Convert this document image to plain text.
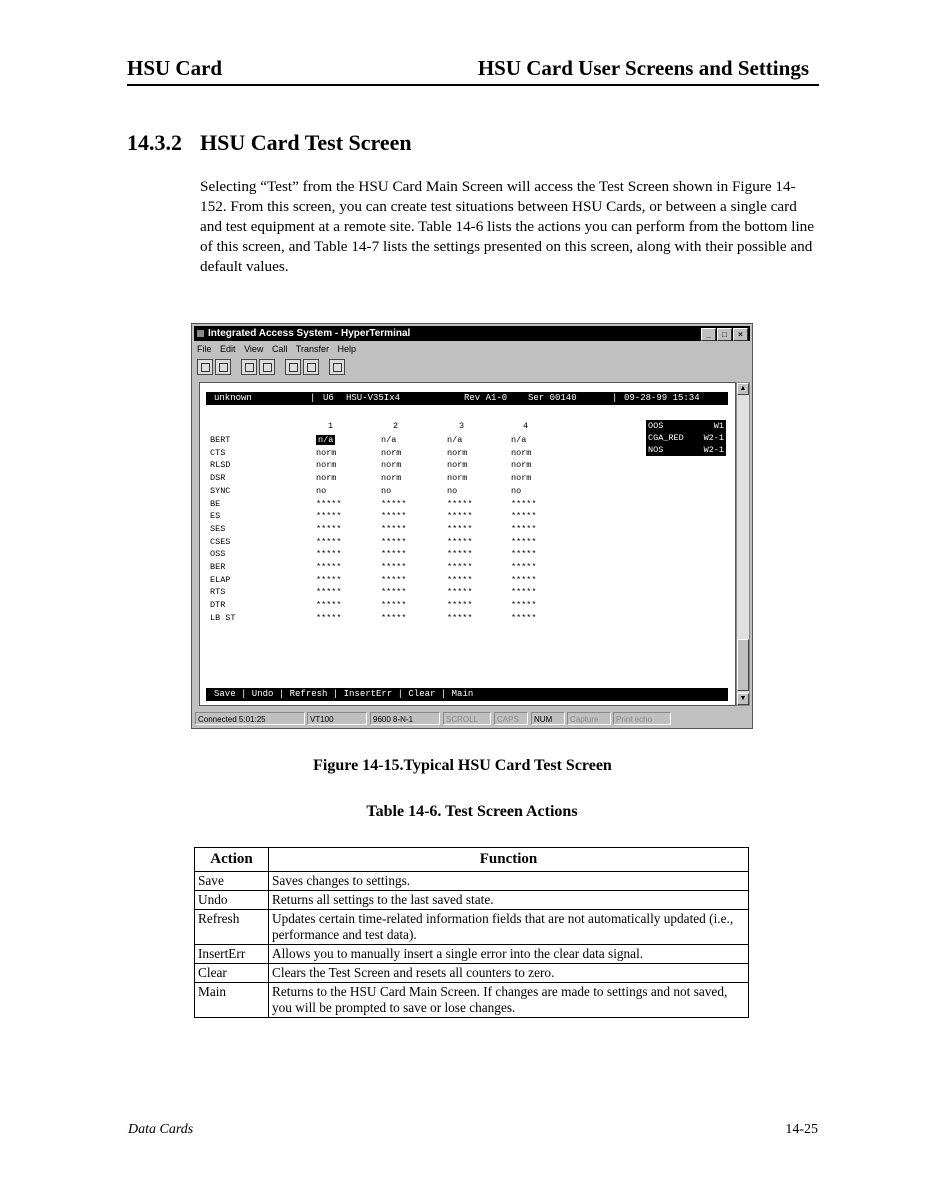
HSU Card	HSU Card User Screens and Settings
14.3.2 HSU Card Test Screen

Selecting “Test” from the HSU Card Main Screen will access the Test Screen shown in Figure 14-152. From this screen, you can create test situations between HSU Cards, or between a single card and test equipment at a remote site. Table 14-6 lists the actions you can perform from the bottom line of this screen, and Table 14-7 lists the settings presented on this screen, along with their possible and default values.

Integrated Access System - HyperTerminal	_ □ ×
File Edit View Call Transfer Help

unknown

	|

U6

HSU-V35Ix4

	Rev A1-0

Ser 00140

	|

09-28-99 15:34

Save | Undo | Refresh | InsertErr | Clear | Main
1	2	3	4
BERT	n/a	n/a	n/a	n/a
CTS	norm	norm	norm	norm
RLSD	norm	norm	norm	norm
DSR	norm	norm	norm	norm
SYNC	no	no	no	no
BE	*****	*****	*****	*****
ES	*****	*****	*****	*****
SES	*****	*****	*****	*****
CSES	*****	*****	*****	*****
OSS	*****	*****	*****	*****
BER	*****	*****	*****	*****
ELAP	*****	*****	*****	*****
RTS	*****	*****	*****	*****
DTR	*****	*****	*****	*****
LB ST	*****	*****	*****	*****
OOS	W1
CGA_RED W2-1
NOS	W2-1
▲
▼
Connected 5:01:25	VT100	9600 8-N-1	SCROLL	CAPS	NUM	Capture	Print echo
Figure 14-15.Typical HSU Card Test Screen
Table 14-6. Test Screen Actions
Action	Function
Save	Saves changes to settings.
Undo	Returns all settings to the last saved state.
Refresh	Updates certain time-related information fields that are not automatically updated (i.e., performance and test data).
InsertErr	Allows you to manually insert a single error into the clear data signal.
Clear	Clears the Test Screen and resets all counters to zero.
Main	Returns to the HSU Card Main Screen. If changes are made to settings and not saved, you will be prompted to save or lose changes.
Data Cards	14-25
